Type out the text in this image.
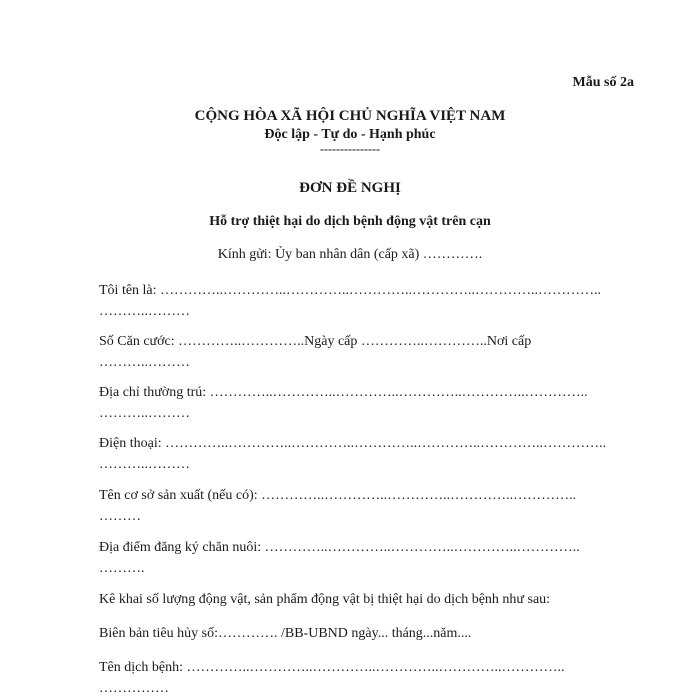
Mẫu số 2a
CỘNG HÒA XÃ HỘI CHỦ NGHĨA VIỆT NAM
Độc lập - Tự do - Hạnh phúc
---------------
ĐƠN ĐỀ NGHỊ
Hỗ trợ thiệt hại do dịch bệnh động vật trên cạn
Kính gửi: Ủy ban nhân dân (cấp xã) ………….
Tôi tên là: …………..…………..…………..…………..…………..…………..…………..
………..………
Số Căn cước: …………..…………..Ngày cấp …………..…………..Nơi cấp
………..………
Địa chỉ thường trú: …………..…………..…………..…………..…………..…………..
………..………
Điện thoại: …………..…………..…………..…………..…………..…………..…………..
………..………
Tên cơ sở sản xuất (nếu có): …………..…………..…………..…………..…………..
………
Địa điểm đăng ký chăn nuôi: …………..…………..…………..…………..…………..
……….
Kê khai số lượng động vật, sản phẩm động vật bị thiệt hại do dịch bệnh như sau:
Biên bản tiêu hủy số:…………. /BB-UBND ngày... tháng...năm....
Tên dịch bệnh: …………..…………..…………..…………..…………..…………..
……………
